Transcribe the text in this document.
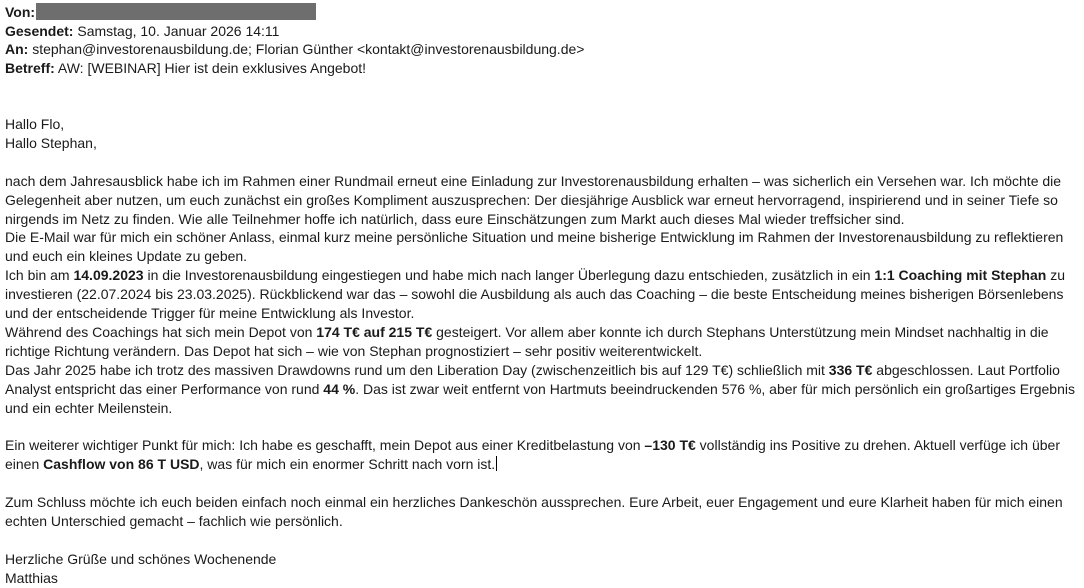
Von:
Gesendet: Samstag, 10. Januar 2026 14:11
An: stephan@investorenausbildung.de; Florian Günther <kontakt@investorenausbildung.de>
Betreff: AW: [WEBINAR] Hier ist dein exklusives Angebot!

Hallo Flo,

Hallo Stephan,

nach dem Jahresausblick habe ich im Rahmen einer Rundmail erneut eine Einladung zur Investorenausbildung erhalten – was sicherlich ein Versehen war. Ich möchte die Gelegenheit aber nutzen, um euch zunächst ein großes Kompliment auszusprechen: Der diesjährige Ausblick war erneut hervorragend, inspirierend und in seiner Tiefe so nirgends im Netz zu finden. Wie alle Teilnehmer hoffe ich natürlich, dass eure Einschätzungen zum Markt auch dieses Mal wieder treffsicher sind.

Die E-Mail war für mich ein schöner Anlass, einmal kurz meine persönliche Situation und meine bisherige Entwicklung im Rahmen der Investorenausbildung zu reflektieren und euch ein kleines Update zu geben.

Ich bin am 14.09.2023 in die Investorenausbildung eingestiegen und habe mich nach langer Überlegung dazu entschieden, zusätzlich in ein 1:1 Coaching mit Stephan zu investieren (22.07.2024 bis 23.03.2025). Rückblickend war das – sowohl die Ausbildung als auch das Coaching – die beste Entscheidung meines bisherigen Börsenlebens und der entscheidende Trigger für meine Entwicklung als Investor.

Während des Coachings hat sich mein Depot von 174 T€ auf 215 T€ gesteigert. Vor allem aber konnte ich durch Stephans Unterstützung mein Mindset nachhaltig in die richtige Richtung verändern. Das Depot hat sich – wie von Stephan prognostiziert – sehr positiv weiterentwickelt.

Das Jahr 2025 habe ich trotz des massiven Drawdowns rund um den Liberation Day (zwischenzeitlich bis auf 129 T€) schließlich mit 336 T€ abgeschlossen. Laut Portfolio Analyst entspricht das einer Performance von rund 44 %. Das ist zwar weit entfernt von Hartmuts beeindruckenden 576 %, aber für mich persönlich ein großartiges Ergebnis und ein echter Meilenstein.

Ein weiterer wichtiger Punkt für mich: Ich habe es geschafft, mein Depot aus einer Kreditbelastung von –130 T€ vollständig ins Positive zu drehen. Aktuell verfüge ich über einen Cashflow von 86 T USD, was für mich ein enormer Schritt nach vorn ist.

Zum Schluss möchte ich euch beiden einfach noch einmal ein herzliches Dankeschön aussprechen. Eure Arbeit, euer Engagement und eure Klarheit haben für mich einen echten Unterschied gemacht – fachlich wie persönlich.

Herzliche Grüße und schönes Wochenende

Matthias
